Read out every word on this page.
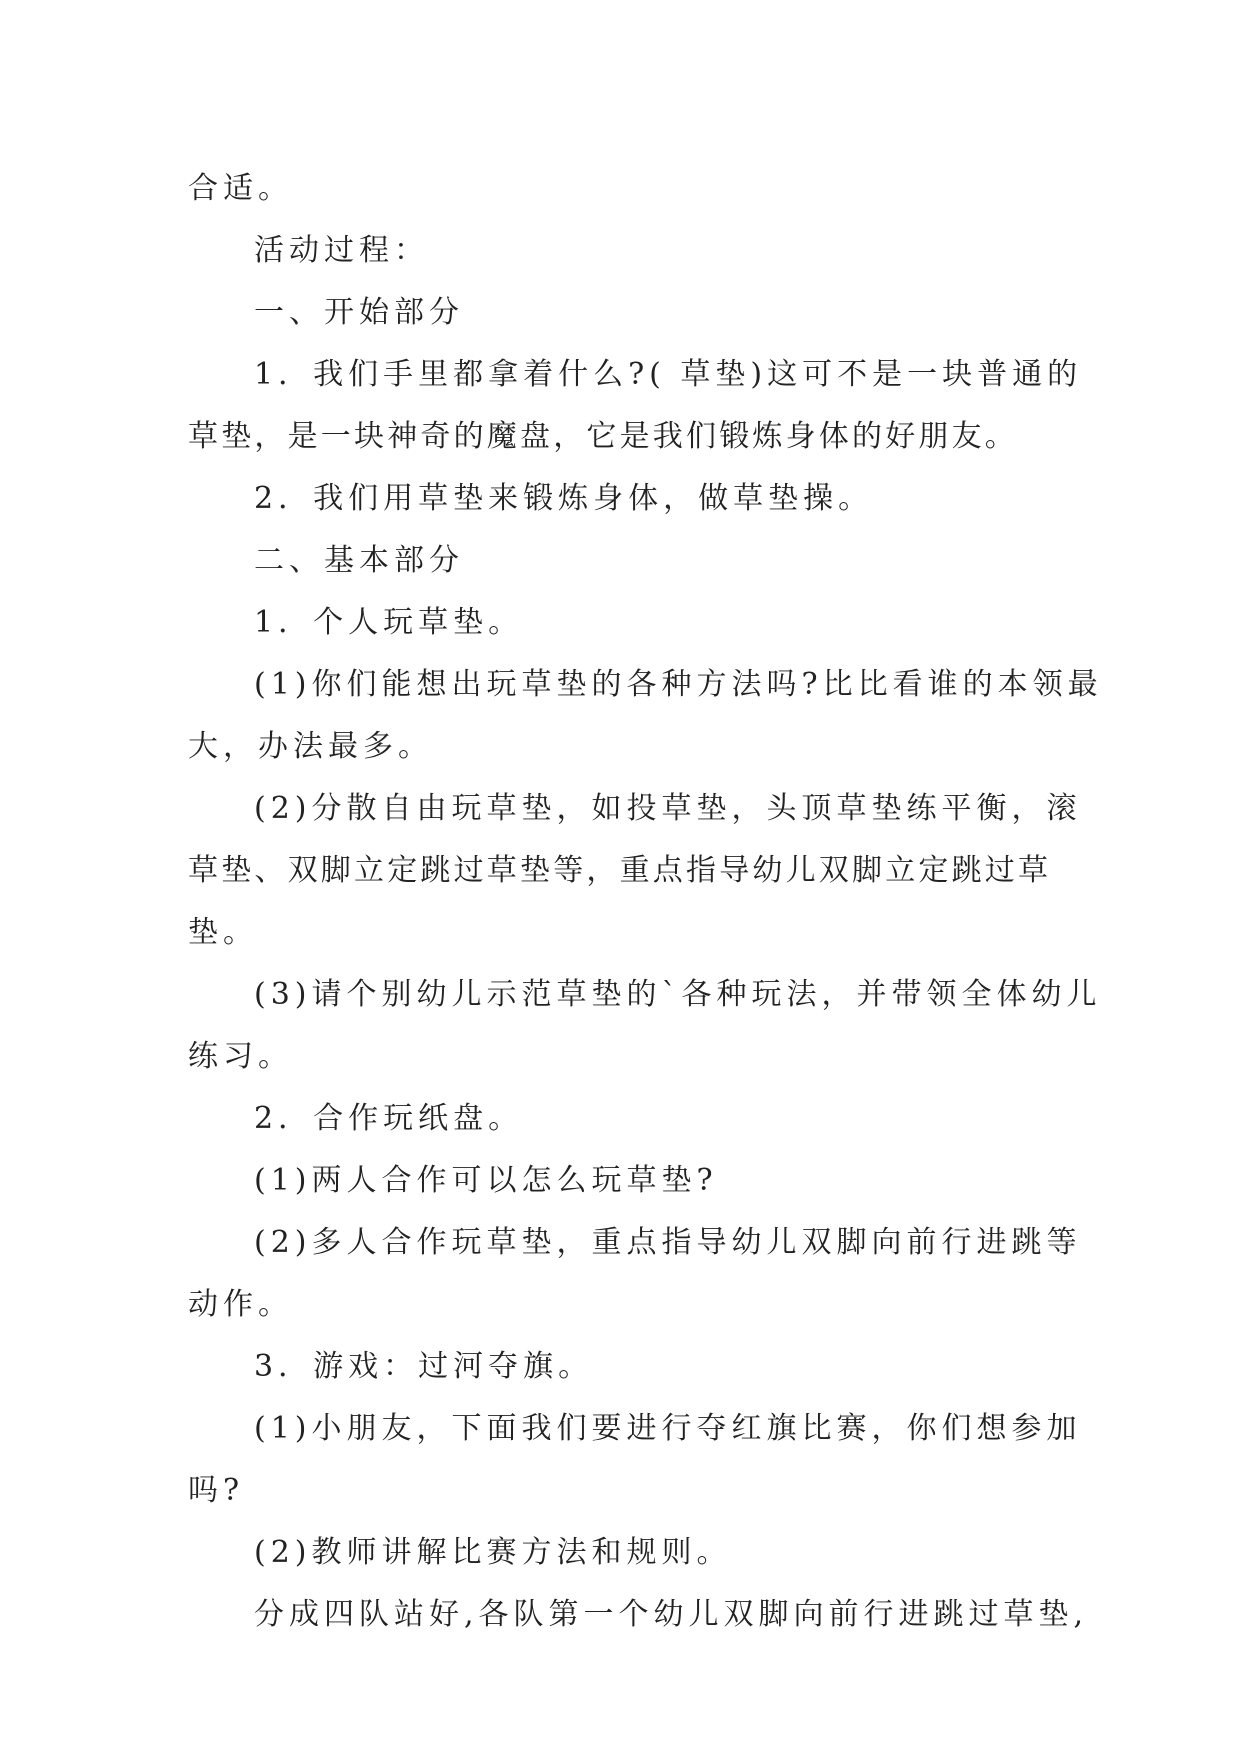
合适。
活动过程：
一、开始部分
1．我们手里都拿着什么?( 草垫)这可不是一块普通的
草垫，是一块神奇的魔盘，它是我们锻炼身体的好朋友。
2．我们用草垫来锻炼身体，做草垫操。
二、基本部分
1．个人玩草垫。
(1)你们能想出玩草垫的各种方法吗?比比看谁的本领最
大，办法最多。
(2)分散自由玩草垫，如投草垫，头顶草垫练平衡，滚
草垫、双脚立定跳过草垫等，重点指导幼儿双脚立定跳过草
垫。
(3)请个别幼儿示范草垫的`各种玩法，并带领全体幼儿
练习。
2．合作玩纸盘。
(1)两人合作可以怎么玩草垫?
(2)多人合作玩草垫，重点指导幼儿双脚向前行进跳等
动作。
3．游戏：过河夺旗。
(1)小朋友，下面我们要进行夺红旗比赛，你们想参加
吗?
(2)教师讲解比赛方法和规则。
分成四队站好,各队第一个幼儿双脚向前行进跳过草垫,
